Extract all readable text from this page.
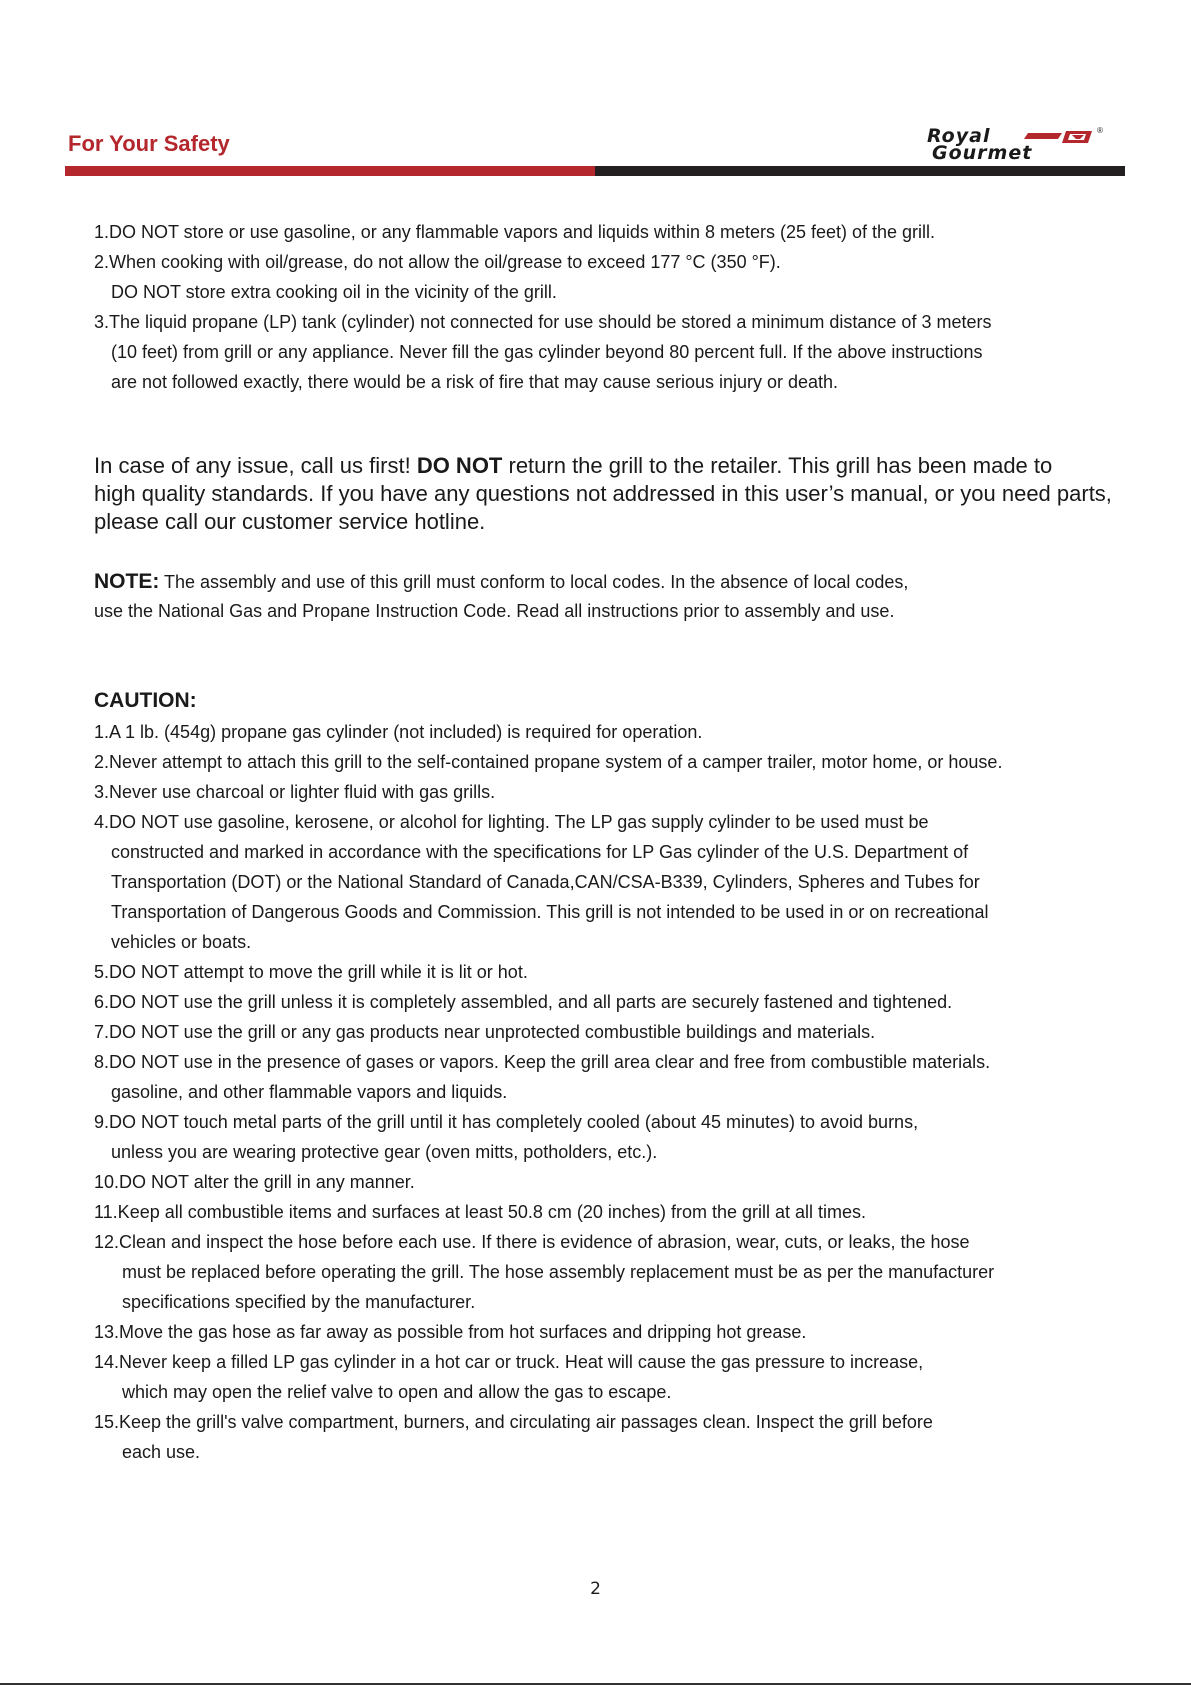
For Your Safety	Royal
Gourmet
®
1.DO NOT store or use gasoline, or any flammable vapors and liquids within 8 meters (25 feet) of the grill.
2.When cooking with oil/grease, do not allow the oil/grease to exceed 177 °C (350 °F).
DO NOT store extra cooking oil in the vicinity of the grill.
3.The liquid propane (LP) tank (cylinder) not connected for use should be stored a minimum distance of 3 meters
(10 feet) from grill or any appliance. Never fill the gas cylinder beyond 80 percent full. If the above instructions
are not followed exactly, there would be a risk of fire that may cause serious injury or death.
In case of any issue, call us first! DO NOT return the grill to the retailer. This grill has been made to
high quality standards. If you have any questions not addressed in this user’s manual, or you need parts,
please call our customer service hotline.
NOTE: The assembly and use of this grill must conform to local codes. In the absence of local codes,
use the National Gas and Propane Instruction Code. Read all instructions prior to assembly and use.
CAUTION:
1.A 1 lb. (454g) propane gas cylinder (not included) is required for operation.
2.Never attempt to attach this grill to the self-contained propane system of a camper trailer, motor home, or house.
3.Never use charcoal or lighter fluid with gas grills.
4.DO NOT use gasoline, kerosene, or alcohol for lighting. The LP gas supply cylinder to be used must be
constructed and marked in accordance with the specifications for LP Gas cylinder of the U.S. Department of
Transportation (DOT) or the National Standard of Canada,CAN/CSA-B339, Cylinders, Spheres and Tubes for
Transportation of Dangerous Goods and Commission. This grill is not intended to be used in or on recreational
vehicles or boats.
5.DO NOT attempt to move the grill while it is lit or hot.
6.DO NOT use the grill unless it is completely assembled, and all parts are securely fastened and tightened.
7.DO NOT use the grill or any gas products near unprotected combustible buildings and materials.
8.DO NOT use in the presence of gases or vapors. Keep the grill area clear and free from combustible materials.
gasoline, and other flammable vapors and liquids.
9.DO NOT touch metal parts of the grill until it has completely cooled (about 45 minutes) to avoid burns,
unless you are wearing protective gear (oven mitts, potholders, etc.).
10.DO NOT alter the grill in any manner.
11.Keep all combustible items and surfaces at least 50.8 cm (20 inches) from the grill at all times.
12.Clean and inspect the hose before each use. If there is evidence of abrasion, wear, cuts, or leaks, the hose
must be replaced before operating the grill. The hose assembly replacement must be as per the manufacturer
specifications specified by the manufacturer.
13.Move the gas hose as far away as possible from hot surfaces and dripping hot grease.
14.Never keep a filled LP gas cylinder in a hot car or truck. Heat will cause the gas pressure to increase,
which may open the relief valve to open and allow the gas to escape.
15.Keep the grill's valve compartment, burners, and circulating air passages clean. Inspect the grill before
each use.
2
